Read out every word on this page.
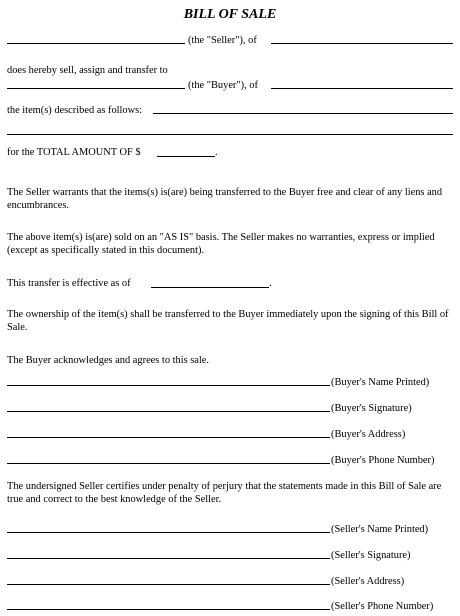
BILL OF SALE
(the "Seller"), of
does hereby sell, assign and transfer to
(the "Buyer"), of
the item(s) described as follows:
for the TOTAL AMOUNT OF $	.
The Seller warrants that the items(s) is(are) being transferred to the Buyer free and clear of any liens and encumbrances.
The above item(s) is(are) sold on an "AS IS" basis. The Seller makes no warranties, express or implied (except as specifically stated in this document).
This transfer is effective as of	.
The ownership of the item(s) shall be transferred to the Buyer immediately upon the signing of this Bill of Sale.
The Buyer acknowledges and agrees to this sale.
(Buyer's Name Printed)
(Buyer's Signature)
(Buyer's Address)
(Buyer's Phone Number)
The undersigned Seller certifies under penalty of perjury that the statements made in this Bill of Sale are true and correct to the best knowledge of the Seller.
(Seller's Name Printed)
(Seller's Signature)
(Seller's Address)
(Seller's Phone Number)
